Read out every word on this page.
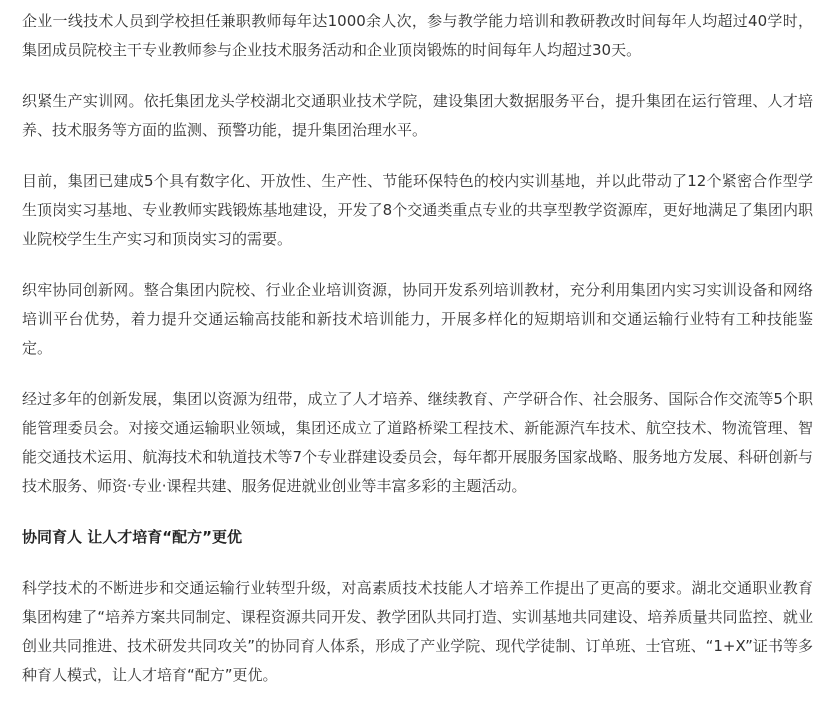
企业一线技术人员到学校担任兼职教师每年达1000余人次，参与教学能力培训和教研教改时间每年人均超过40学时，集团成员院校主干专业教师参与企业技术服务活动和企业顶岗锻炼的时间每年人均超过30天。

织紧生产实训网。依托集团龙头学校湖北交通职业技术学院，建设集团大数据服务平台，提升集团在运行管理、人才培养、技术服务等方面的监测、预警功能，提升集团治理水平。

目前，集团已建成5个具有数字化、开放性、生产性、节能环保特色的校内实训基地，并以此带动了12个紧密合作型学生顶岗实习基地、专业教师实践锻炼基地建设，开发了8个交通类重点专业的共享型教学资源库，更好地满足了集团内职业院校学生生产实习和顶岗实习的需要。

织牢协同创新网。整合集团内院校、行业企业培训资源，协同开发系列培训教材，充分利用集团内实习实训设备和网络培训平台优势，着力提升交通运输高技能和新技术培训能力，开展多样化的短期培训和交通运输行业特有工种技能鉴定。

经过多年的创新发展，集团以资源为纽带，成立了人才培养、继续教育、产学研合作、社会服务、国际合作交流等5个职能管理委员会。对接交通运输职业领域，集团还成立了道路桥梁工程技术、新能源汽车技术、航空技术、物流管理、智能交通技术运用、航海技术和轨道技术等7个专业群建设委员会，每年都开展服务国家战略、服务地方发展、科研创新与技术服务、师资·专业·课程共建、服务促进就业创业等丰富多彩的主题活动。

协同育人 让人才培育“配方”更优

科学技术的不断进步和交通运输行业转型升级，对高素质技术技能人才培养工作提出了更高的要求。湖北交通职业教育集团构建了“培养方案共同制定、课程资源共同开发、教学团队共同打造、实训基地共同建设、培养质量共同监控、就业创业共同推进、技术研发共同攻关”的协同育人体系，形成了产业学院、现代学徒制、订单班、士官班、“1+X”证书等多种育人模式，让人才培育“配方”更优。
